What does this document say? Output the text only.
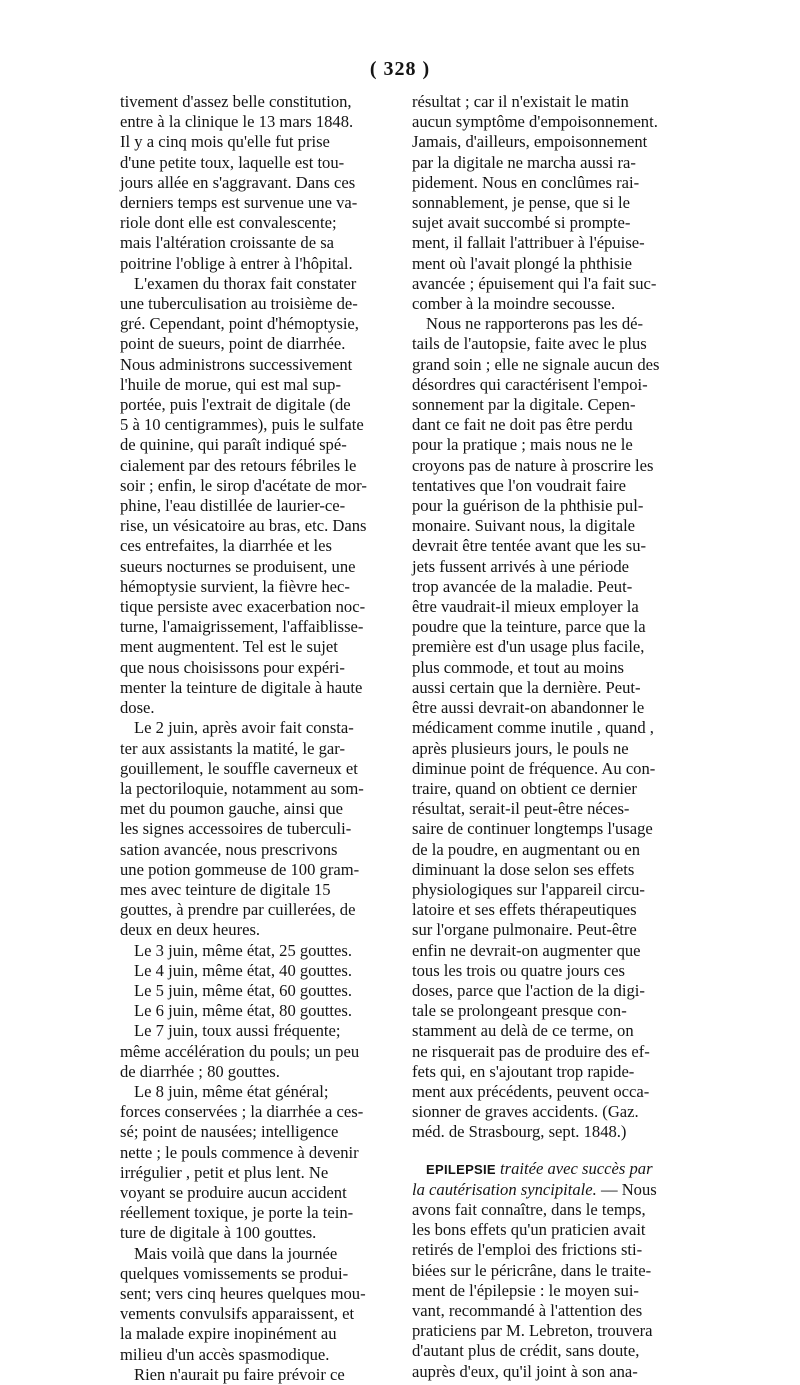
( 328 )
tivement d'assez belle constitution,
entre à la clinique le 13 mars 1848.
Il y a cinq mois qu'elle fut prise
d'une petite toux, laquelle est tou-
jours allée en s'aggravant. Dans ces
derniers temps est survenue une va-
riole dont elle est convalescente;
mais l'altération croissante de sa
poitrine l'oblige à entrer à l'hôpital.
L'examen du thorax fait constater
une tuberculisation au troisième de-
gré. Cependant, point d'hémoptysie,
point de sueurs, point de diarrhée.
Nous administrons successivement
l'huile de morue, qui est mal sup-
portée, puis l'extrait de digitale (de
5 à 10 centigrammes), puis le sulfate
de quinine, qui paraît indiqué spé-
cialement par des retours fébriles le
soir ; enfin, le sirop d'acétate de mor-
phine, l'eau distillée de laurier-ce-
rise, un vésicatoire au bras, etc. Dans
ces entrefaites, la diarrhée et les
sueurs nocturnes se produisent, une
hémoptysie survient, la fièvre hec-
tique persiste avec exacerbation noc-
turne, l'amaigrissement, l'affaiblisse-
ment augmentent. Tel est le sujet
que nous choisissons pour expéri-
menter la teinture de digitale à haute
dose.
Le 2 juin, après avoir fait consta-
ter aux assistants la matité, le gar-
gouillement, le souffle caverneux et
la pectoriloquie, notamment au som-
met du poumon gauche, ainsi que
les signes accessoires de tuberculi-
sation avancée, nous prescrivons
une potion gommeuse de 100 gram-
mes avec teinture de digitale 15
gouttes, à prendre par cuillerées, de
deux en deux heures.
Le 3 juin, même état, 25 gouttes.
Le 4 juin, même état, 40 gouttes.
Le 5 juin, même état, 60 gouttes.
Le 6 juin, même état, 80 gouttes.
Le 7 juin, toux aussi fréquente;
même accélération du pouls; un peu
de diarrhée ; 80 gouttes.
Le 8 juin, même état général;
forces conservées ; la diarrhée a ces-
sé; point de nausées; intelligence
nette ; le pouls commence à devenir
irrégulier , petit et plus lent. Ne
voyant se produire aucun accident
réellement toxique, je porte la tein-
ture de digitale à 100 gouttes.
Mais voilà que dans la journée
quelques vomissements se produi-
sent; vers cinq heures quelques mou-
vements convulsifs apparaissent, et
la malade expire inopinément au
milieu d'un accès spasmodique.
Rien n'aurait pu faire prévoir ce
résultat ; car il n'existait le matin
aucun symptôme d'empoisonnement.
Jamais, d'ailleurs, empoisonnement
par la digitale ne marcha aussi ra-
pidement. Nous en conclûmes rai-
sonnablement, je pense, que si le
sujet avait succombé si prompte-
ment, il fallait l'attribuer à l'épuise-
ment où l'avait plongé la phthisie
avancée ; épuisement qui l'a fait suc-
comber à la moindre secousse.
Nous ne rapporterons pas les dé-
tails de l'autopsie, faite avec le plus
grand soin ; elle ne signale aucun des
désordres qui caractérisent l'empoi-
sonnement par la digitale. Cepen-
dant ce fait ne doit pas être perdu
pour la pratique ; mais nous ne le
croyons pas de nature à proscrire les
tentatives que l'on voudrait faire
pour la guérison de la phthisie pul-
monaire. Suivant nous, la digitale
devrait être tentée avant que les su-
jets fussent arrivés à une période
trop avancée de la maladie. Peut-
être vaudrait-il mieux employer la
poudre que la teinture, parce que la
première est d'un usage plus facile,
plus commode, et tout au moins
aussi certain que la dernière. Peut-
être aussi devrait-on abandonner le
médicament comme inutile , quand ,
après plusieurs jours, le pouls ne
diminue point de fréquence. Au con-
traire, quand on obtient ce dernier
résultat, serait-il peut-être néces-
saire de continuer longtemps l'usage
de la poudre, en augmentant ou en
diminuant la dose selon ses effets
physiologiques sur l'appareil circu-
latoire et ses effets thérapeutiques
sur l'organe pulmonaire. Peut-être
enfin ne devrait-on augmenter que
tous les trois ou quatre jours ces
doses, parce que l'action de la digi-
tale se prolongeant presque con-
stamment au delà de ce terme, on
ne risquerait pas de produire des ef-
fets qui, en s'ajoutant trop rapide-
ment aux précédents, peuvent occa-
sionner de graves accidents. (Gaz.
méd. de Strasbourg, sept. 1848.)
EPILEPSIE traitée avec succès par
la cautérisation syncipitale. — Nous
avons fait connaître, dans le temps,
les bons effets qu'un praticien avait
retirés de l'emploi des frictions sti-
biées sur le péricrâne, dans le traite-
ment de l'épilepsie : le moyen sui-
vant, recommandé à l'attention des
praticiens par M. Lebreton, trouvera
d'autant plus de crédit, sans doute,
auprès d'eux, qu'il joint à son ana-
